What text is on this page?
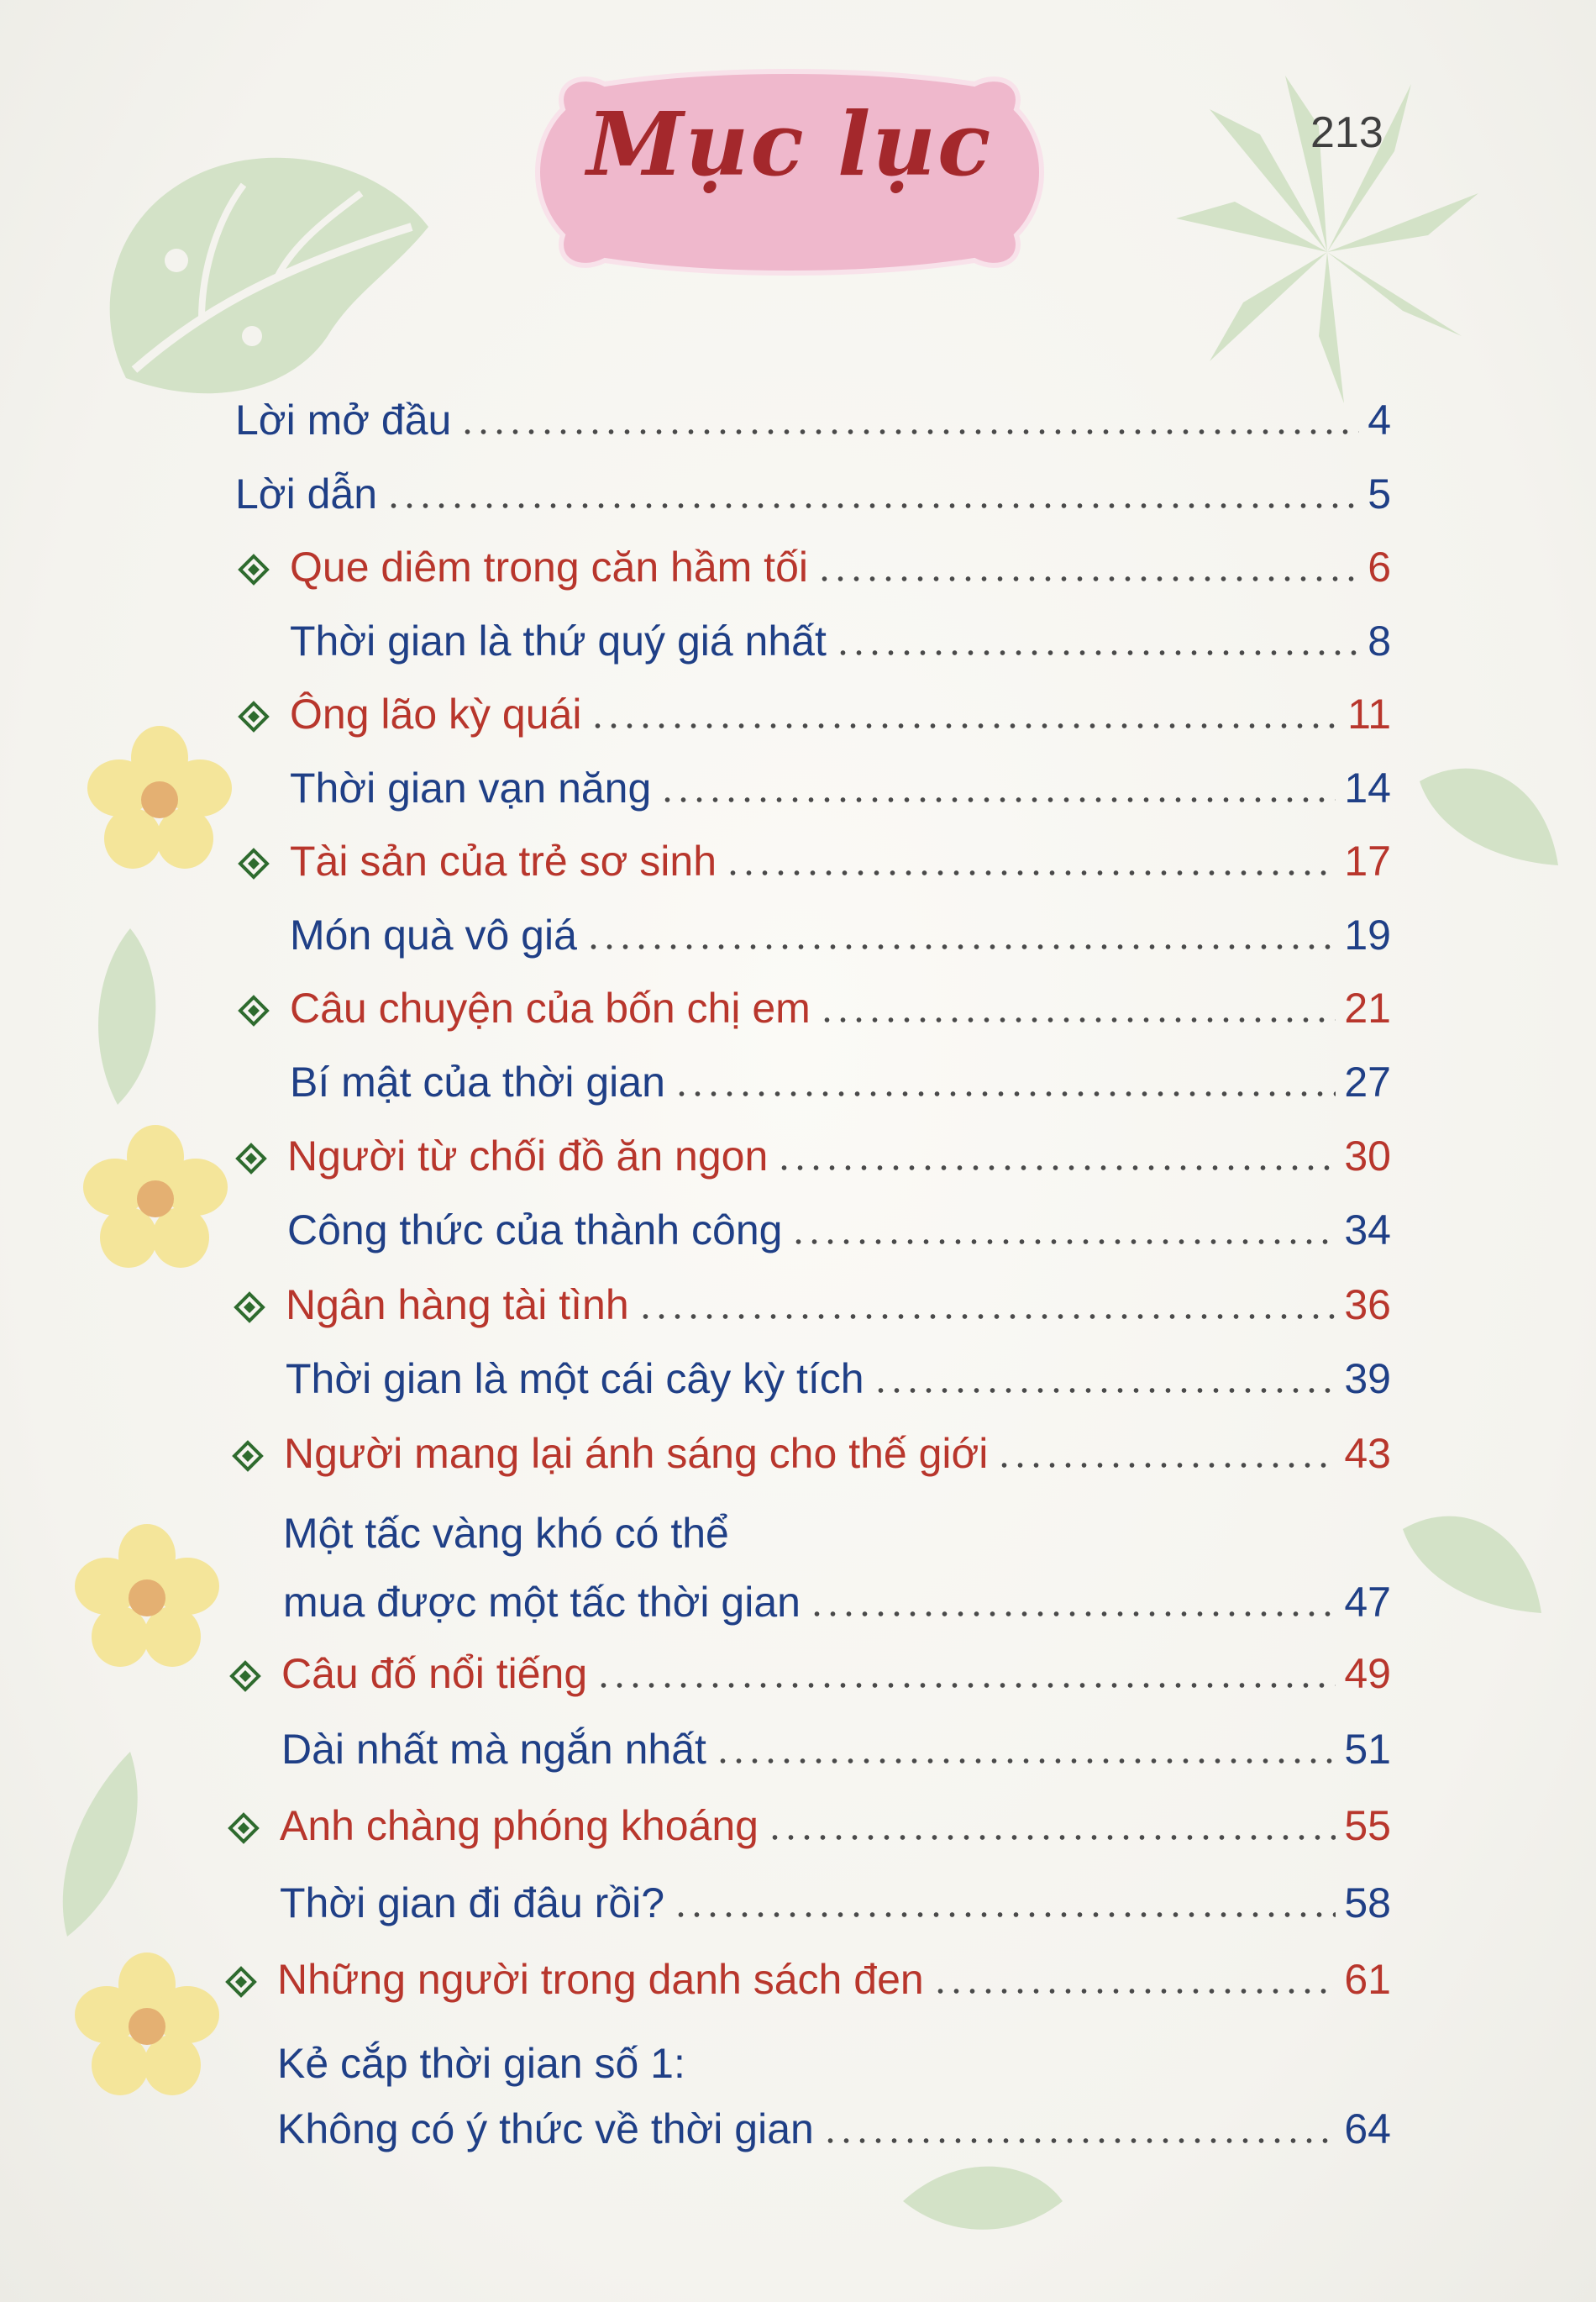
Mục lục	213
Lời mở đầu	4
Lời dẫn	5
Que diêm trong căn hầm tối	6
Thời gian là thứ quý giá nhất	8
Ông lão kỳ quái	11
Thời gian vạn năng	14
Tài sản của trẻ sơ sinh	17
Món quà vô giá	19
Câu chuyện của bốn chị em	21
Bí mật của thời gian	27
Người từ chối đồ ăn ngon	30
Công thức của thành công	34
Ngân hàng tài tình	36
Thời gian là một cái cây kỳ tích	39
Người mang lại ánh sáng cho thế giới	43
Một tấc vàng khó có thể
mua được một tấc thời gian	47
Câu đố nổi tiếng	49
Dài nhất mà ngắn nhất	51
Anh chàng phóng khoáng	55
Thời gian đi đâu rồi?	58
Những người trong danh sách đen	61
Kẻ cắp thời gian số 1:
Không có ý thức về thời gian	64
